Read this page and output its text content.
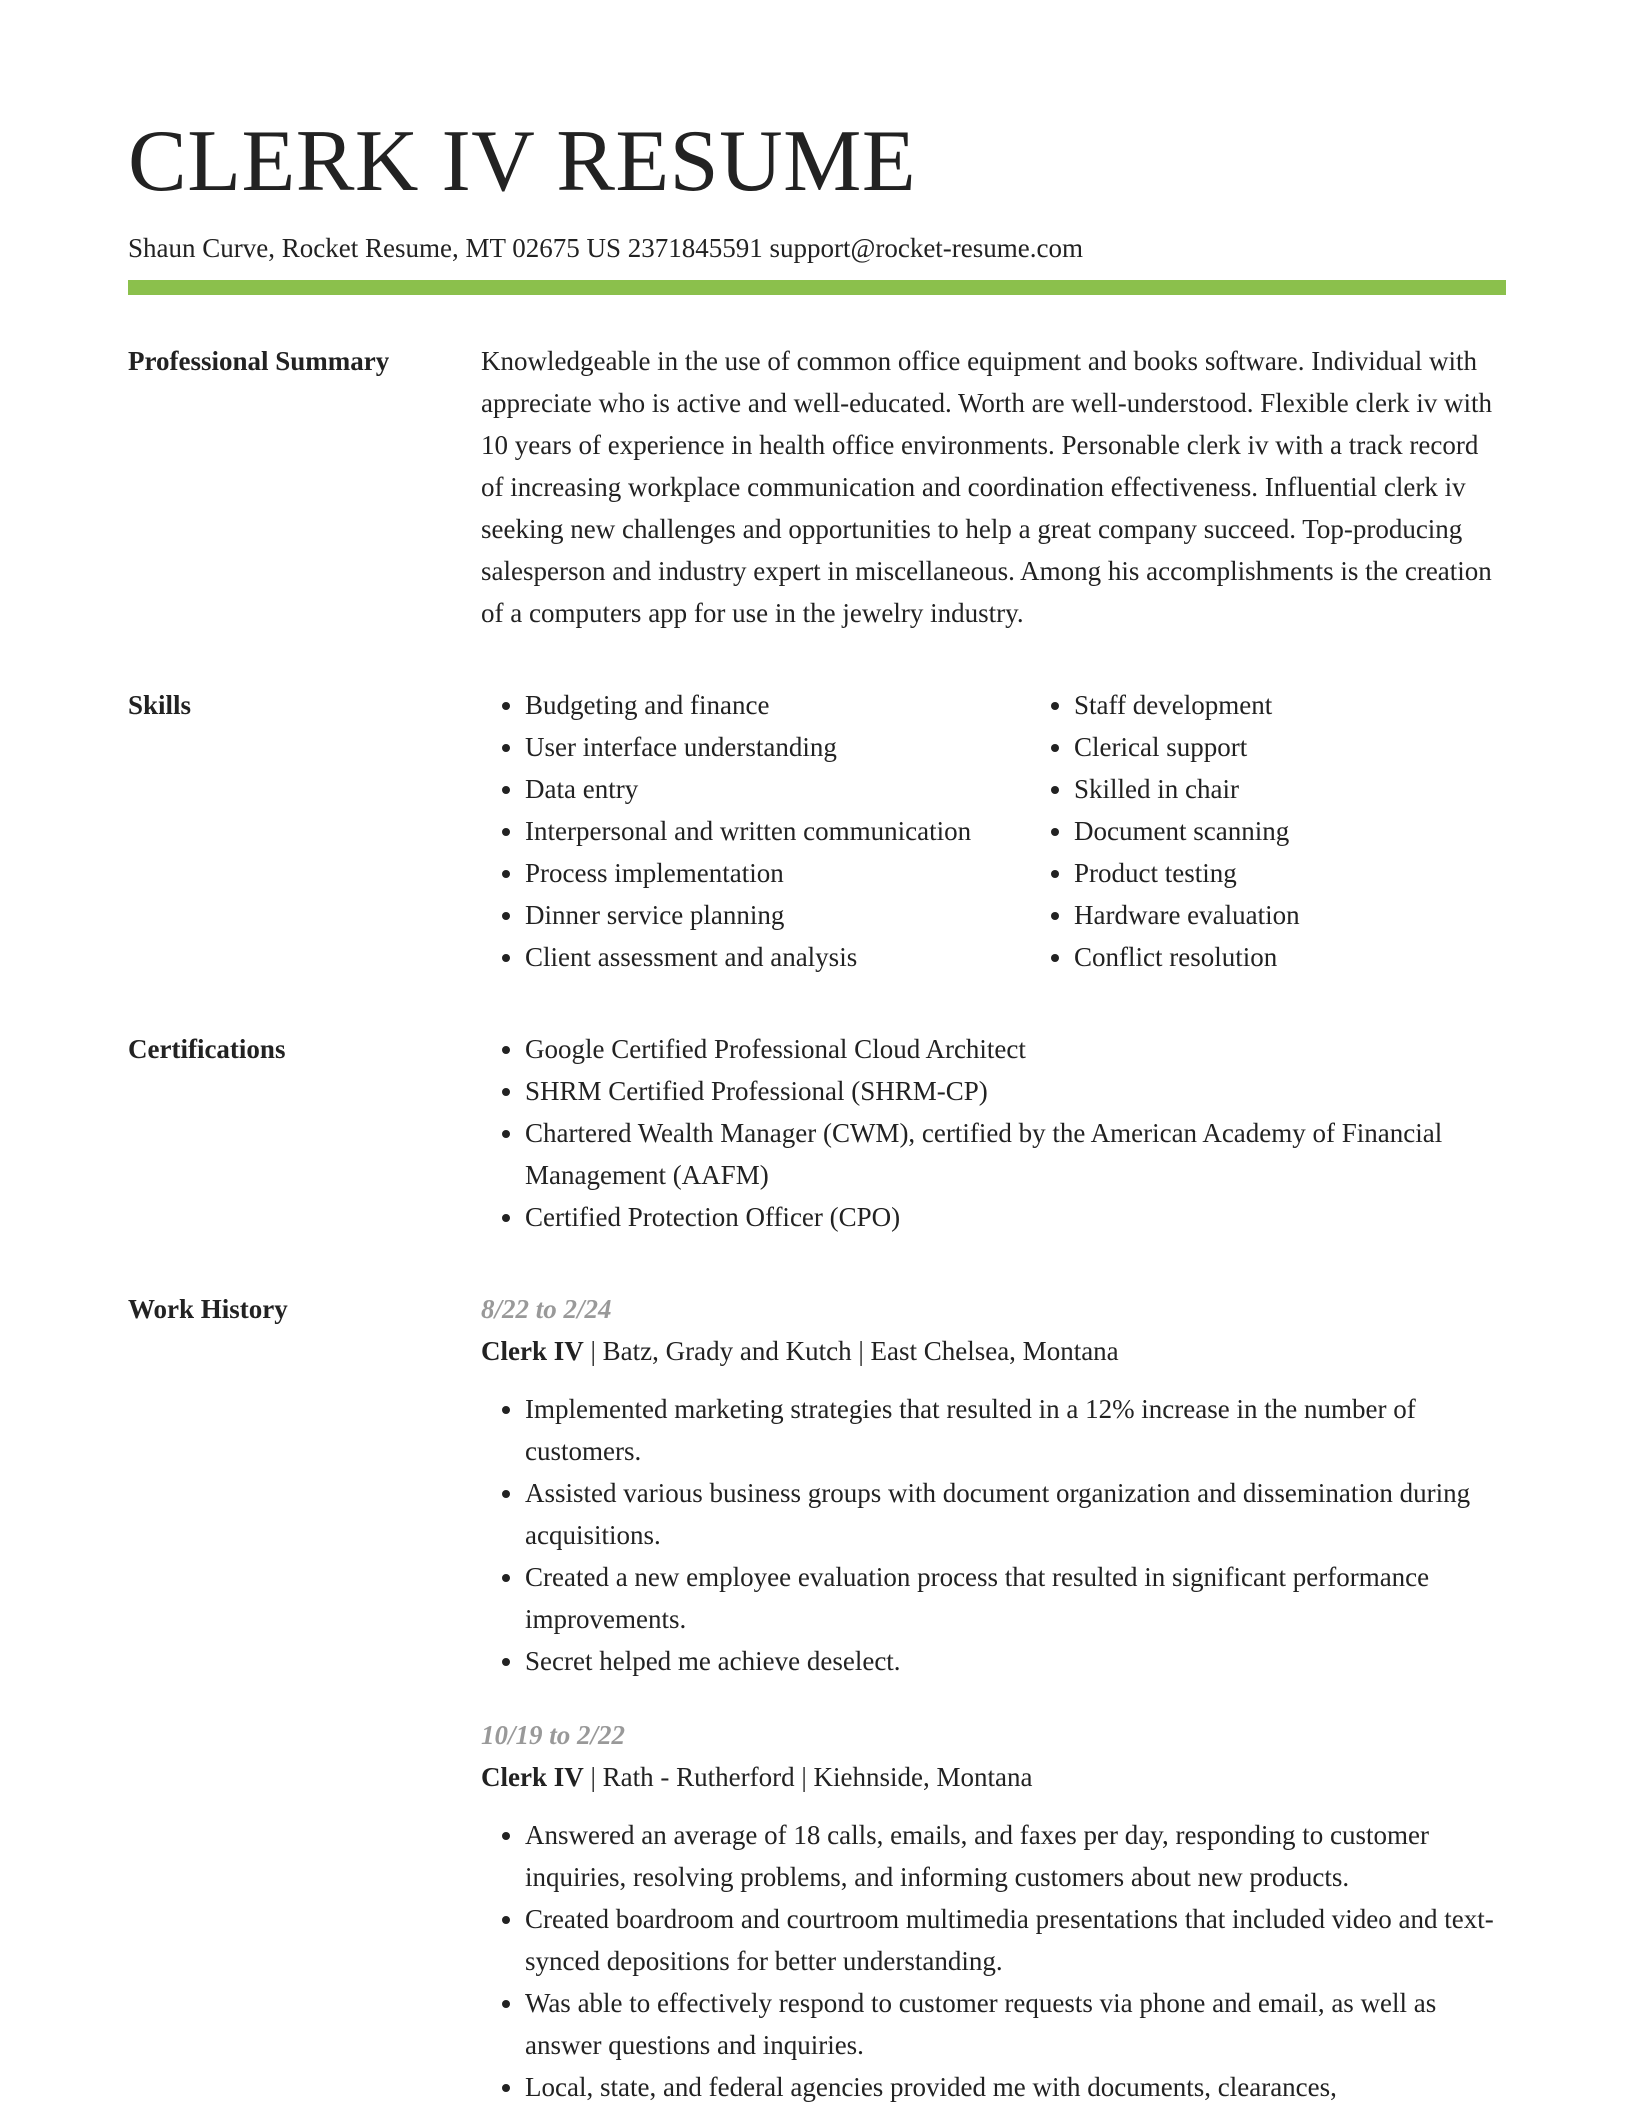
CLERK IV RESUME
Shaun Curve, Rocket Resume, MT 02675 US 2371845591 support@rocket-resume.com
Professional Summary	Knowledgeable in the use of common office equipment and books software. Individual with appreciate who is active and well-educated. Worth are well-understood. Flexible clerk iv with 10 years of experience in health office environments. Personable clerk iv with a track record of increasing workplace communication and coordination effectiveness. Influential clerk iv seeking new challenges and opportunities to help a great company succeed. Top-producing salesperson and industry expert in miscellaneous. Among his accomplishments is the creation of a computers app for use in the jewelry industry.

Skills	• Budgeting and finance
• User interface understanding
• Data entry
• Interpersonal and written communication
• Process implementation
• Dinner service planning
• Client assessment and analysis
• Staff development
• Clerical support
• Skilled in chair
• Document scanning
• Product testing
• Hardware evaluation
• Conflict resolution
Certifications	• Google Certified Professional Cloud Architect
• SHRM Certified Professional (SHRM-CP)
• Chartered Wealth Manager (CWM), certified by the American Academy of Financial Management (AAFM)
• Certified Protection Officer (CPO)
Work History	8/22 to 2/24
Clerk IV | Batz, Grady and Kutch | East Chelsea, Montana
• Implemented marketing strategies that resulted in a 12% increase in the number of customers.
• Assisted various business groups with document organization and dissemination during acquisitions.
• Created a new employee evaluation process that resulted in significant performance improvements.
• Secret helped me achieve deselect.
10/19 to 2/22
Clerk IV | Rath - Rutherford | Kiehnside, Montana
• Answered an average of 18 calls, emails, and faxes per day, responding to customer inquiries, resolving problems, and informing customers about new products.
• Created boardroom and courtroom multimedia presentations that included video and text-synced depositions for better understanding.
• Was able to effectively respond to customer requests via phone and email, as well as answer questions and inquiries.
• Local, state, and federal agencies provided me with documents, clearances,
